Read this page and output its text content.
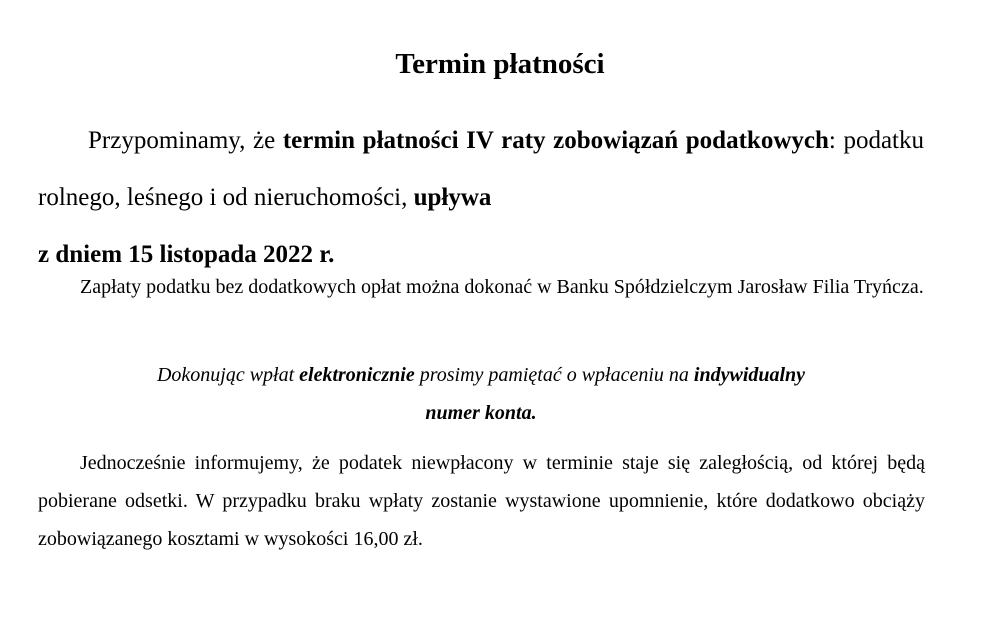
Termin płatności

Przypominamy, że termin płatności IV raty zobowiązań podatkowych: podatku rolnego, leśnego i od nieruchomości, upływa
z dniem 15 listopada 2022 r.

Zapłaty podatku bez dodatkowych opłat można dokonać w Banku Spółdzielczym Jarosław Filia Tryńcza.

Dokonując wpłat elektronicznie prosimy pamiętać o wpłaceniu na indywidualny
numer konta.

Jednocześnie informujemy, że podatek niewpłacony w terminie staje się zaległością, od której będą pobierane odsetki. W przypadku braku wpłaty zostanie wystawione upomnienie, które dodatkowo obciąży zobowiązanego kosztami w wysokości 16,00 zł.
